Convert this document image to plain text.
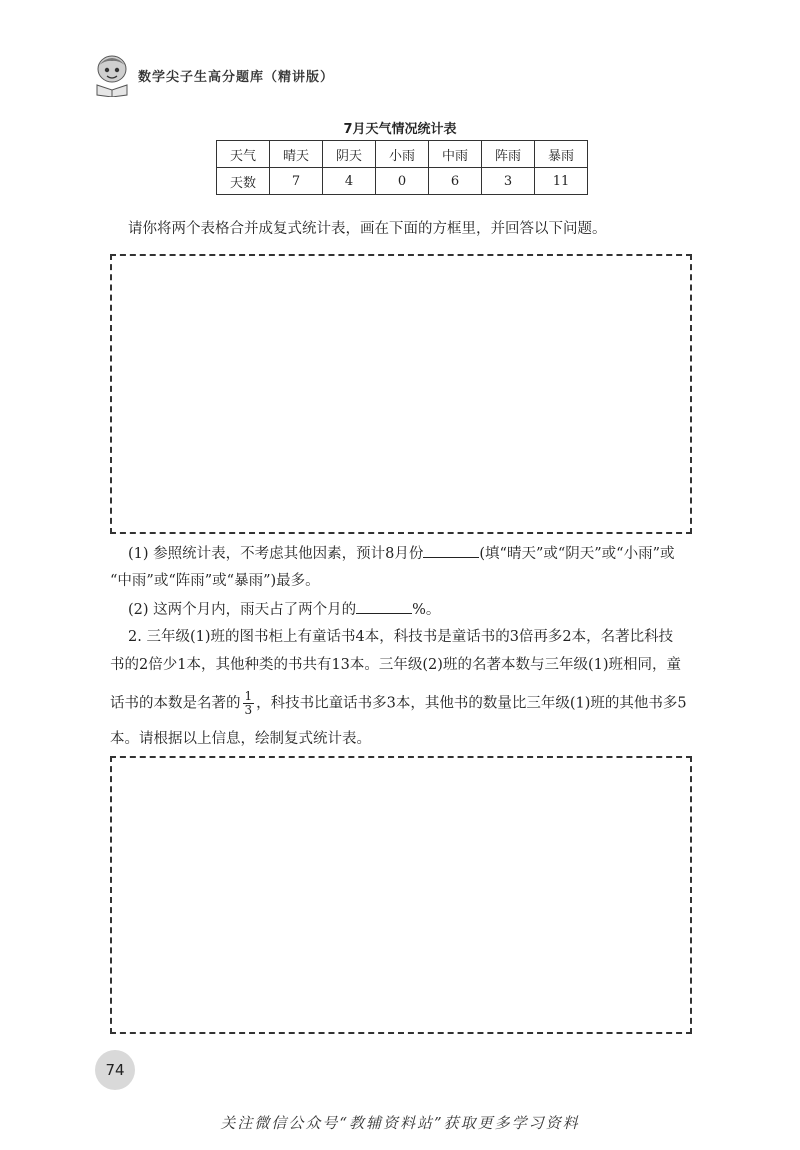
数学尖子生高分题库（精讲版）
7月天气情况统计表
天气	晴天	阴天	小雨	中雨	阵雨	暴雨
天数	7	4	0	6	3	11
请你将两个表格合并成复式统计表，画在下面的方框里，并回答以下问题。
(1) 参照统计表，不考虑其他因素，预计8月份	(填“晴天”或“阴天”或“小雨”或
“中雨”或“阵雨”或“暴雨”)最多。
(2) 这两个月内，雨天占了两个月的	%。
2. 三年级(1)班的图书柜上有童话书4本，科技书是童话书的3倍再多2本，名著比科技
书的2倍少1本，其他种类的书共有13本。三年级(2)班的名著本数与三年级(1)班相同，童
话书的本数是名著的 $\frac{1}{3}$ ，科技书比童话书多3本，其他书的数量比三年级(1)班的其他书多5
本。请根据以上信息，绘制复式统计表。
74
关注微信公众号“教辅资料站”获取更多学习资料
